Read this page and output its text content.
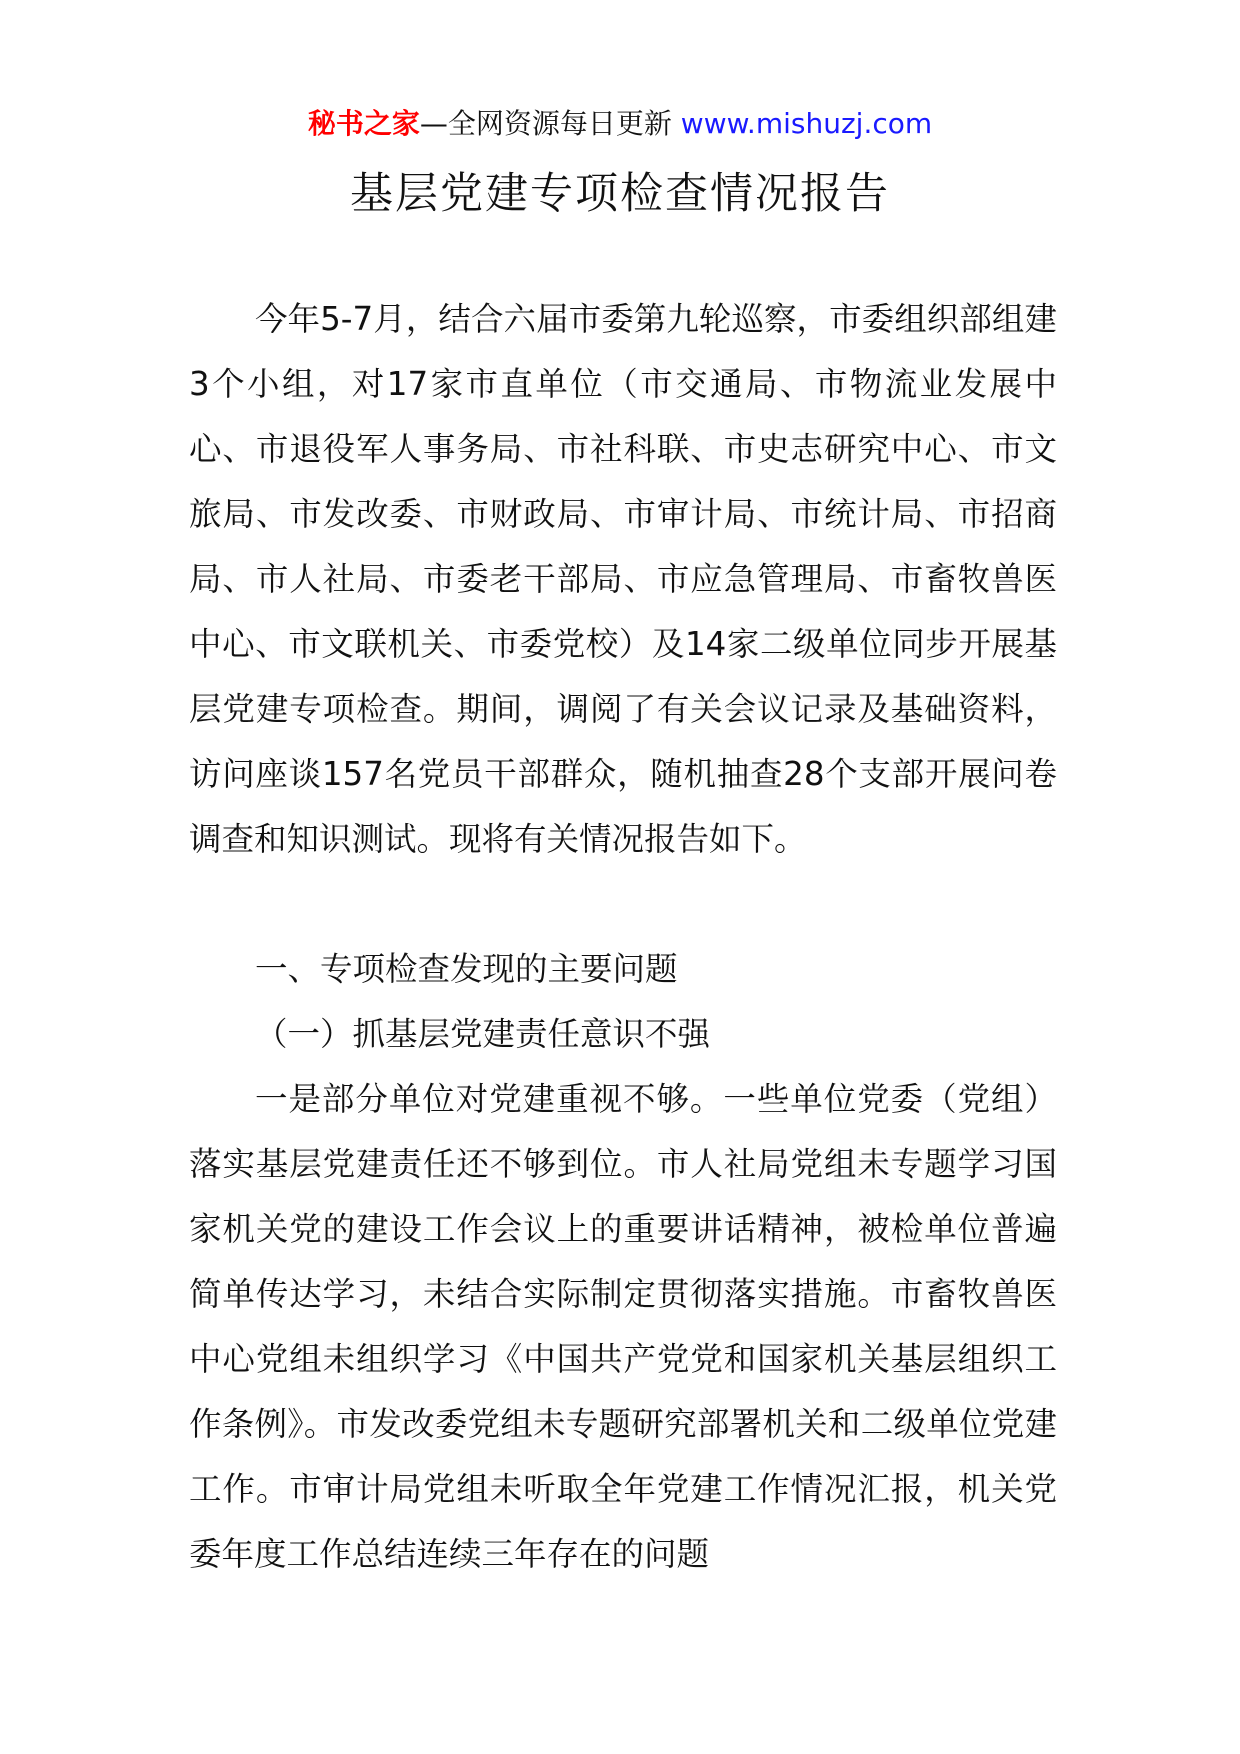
秘书之家—全网资源每日更新 www.mishuzj.com
基层党建专项检查情况报告

今年5-7月，结合六届市委第九轮巡察，市委组织部组建3个小组，对17家市直单位（市交通局、市物流业发展中心、市退役军人事务局、市社科联、市史志研究中心、市文旅局、市发改委、市财政局、市审计局、市统计局、市招商局、市人社局、市委老干部局、市应急管理局、市畜牧兽医中心、市文联机关、市委党校）及14家二级单位同步开展基层党建专项检查。期间，调阅了有关会议记录及基础资料，访问座谈157名党员干部群众，随机抽查28个支部开展问卷调查和知识测试。现将有关情况报告如下。

一、专项检查发现的主要问题

（一）抓基层党建责任意识不强

一是部分单位对党建重视不够。一些单位党委（党组）落实基层党建责任还不够到位。市人社局党组未专题学习国家机关党的建设工作会议上的重要讲话精神，被检单位普遍简单传达学习，未结合实际制定贯彻落实措施。市畜牧兽医中心党组未组织学习《中国共产党党和国家机关基层组织工作条例》。市发改委党组未专题研究部署机关和二级单位党建工作。市审计局党组未听取全年党建工作情况汇报，机关党委年度工作总结连续三年存在的问题
